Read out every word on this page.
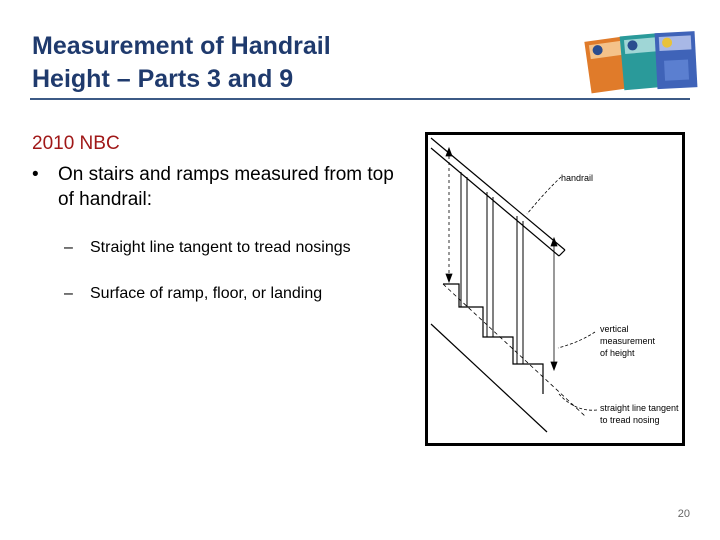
Measurement of Handrail
Height – Parts 3 and 9
2010 NBC
• On stairs and ramps measured from top of handrail:
– Straight line tangent to tread nosings
– Surface of ramp, floor, or landing
handrail
vertical
measurement
of height
straight line tangent
to tread nosing
20
